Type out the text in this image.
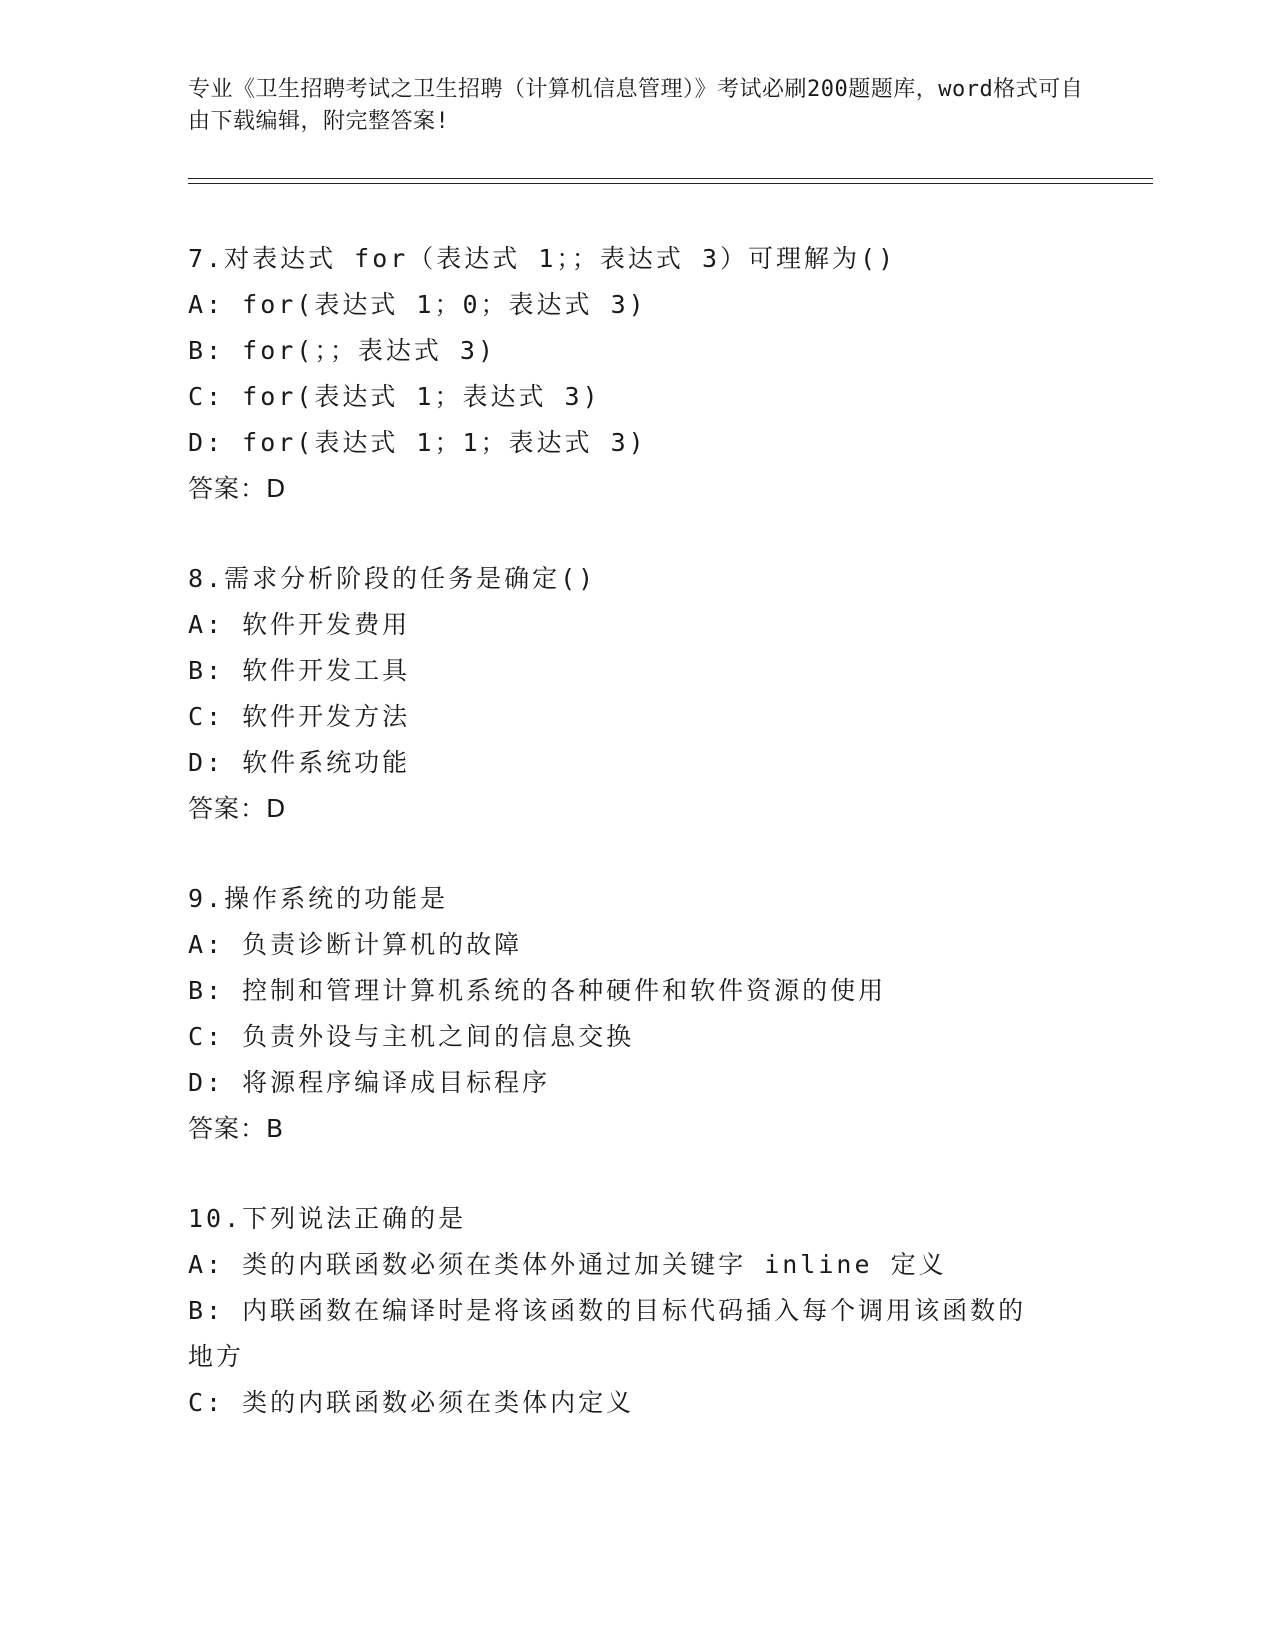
专业《卫生招聘考试之卫生招聘（计算机信息管理）》考试必刷200题题库，word格式可自由下载编辑，附完整答案!
7.对表达式 for（表达式 1；；表达式 3）可理解为()
A: for(表达式 1；0；表达式 3)
B: for(；；表达式 3)
C: for(表达式 1；表达式 3)
D: for(表达式 1；1；表达式 3)
答案：D
8.需求分析阶段的任务是确定()
A: 软件开发费用
B: 软件开发工具
C: 软件开发方法
D: 软件系统功能
答案：D
9.操作系统的功能是
A: 负责诊断计算机的故障
B: 控制和管理计算机系统的各种硬件和软件资源的使用
C: 负责外设与主机之间的信息交换
D: 将源程序编译成目标程序
答案：B
10.下列说法正确的是
A: 类的内联函数必须在类体外通过加关键字 inline 定义
B: 内联函数在编译时是将该函数的目标代码插入每个调用该函数的地方
C: 类的内联函数必须在类体内定义
